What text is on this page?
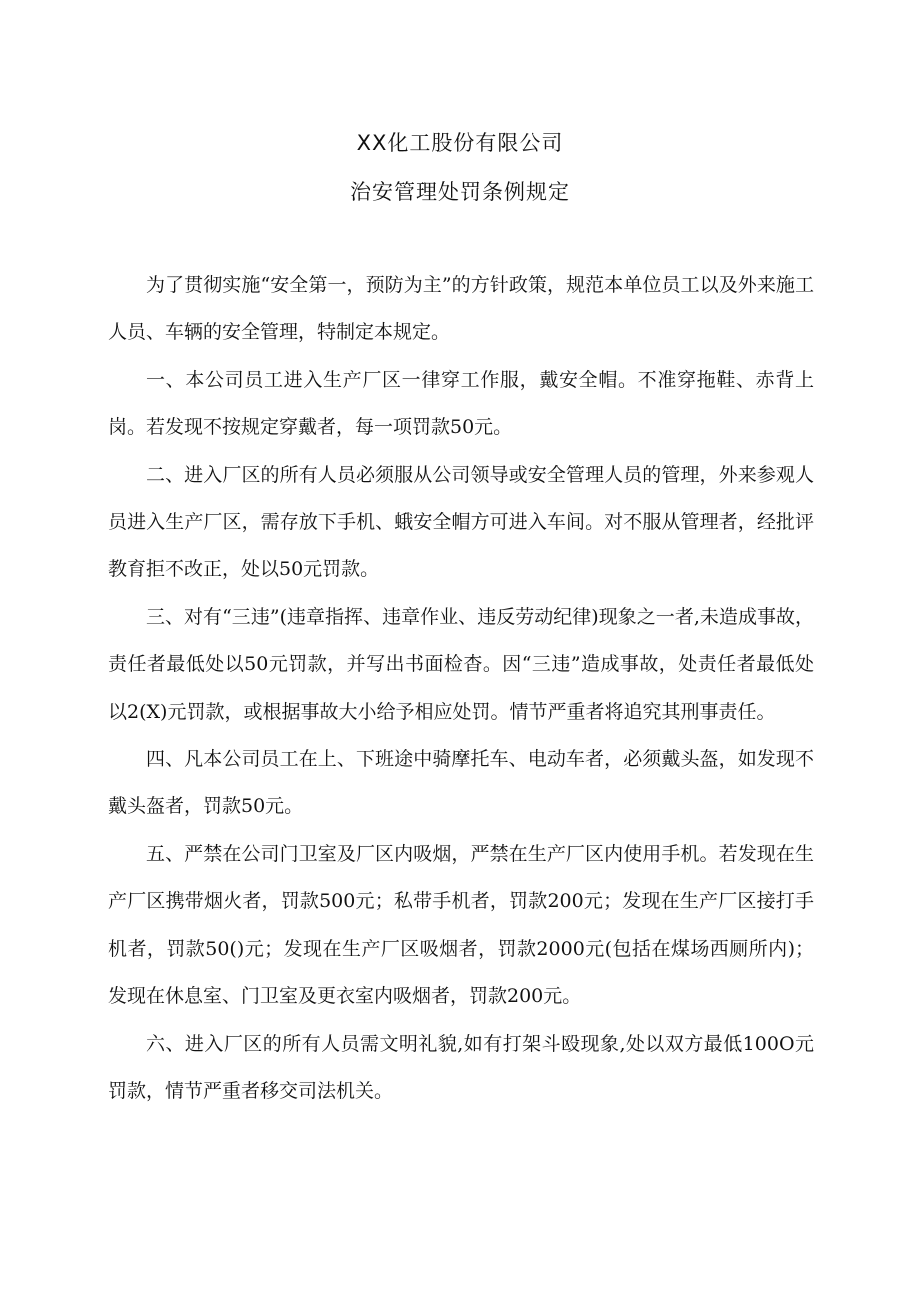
XX化工股份有限公司
治安管理处罚条例规定

为了贯彻实施“安全第一，预防为主”的方针政策，规范本单位员工以及外来施工人员、车辆的安全管理，特制定本规定。

一、本公司员工进入生产厂区一律穿工作服，戴安全帽。不准穿拖鞋、赤背上岗。若发现不按规定穿戴者，每一项罚款50元。

二、进入厂区的所有人员必须服从公司领导或安全管理人员的管理，外来参观人员进入生产厂区，需存放下手机、蛾安全帽方可进入车间。对不服从管理者，经批评教育拒不改正，处以50元罚款。

三、对有“三违”(违章指挥、违章作业、违反劳动纪律)现象之一者,未造成事故，责任者最低处以50元罚款，并写出书面检杳。因“三违”造成事故，处责任者最低处以2(X)元罚款，或根据事故大小给予相应处罚。情节严重者将追究其刑事责任。

四、凡本公司员工在上、下班途中骑摩托车、电动车者，必须戴头盔，如发现不戴头盔者，罚款50元。

五、严禁在公司门卫室及厂区内吸烟，严禁在生产厂区内使用手机。若发现在生产厂区携带烟火者，罚款500元；私带手机者，罚款200元；发现在生产厂区接打手机者，罚款50()元；发现在生产厂区吸烟者，罚款2000元(包括在煤场西厕所内)；发现在休息室、门卫室及更衣室内吸烟者，罚款200元。

六、进入厂区的所有人员需文明礼貌,如有打架斗殴现象,处以双方最低100O元罚款，情节严重者移交司法机关。
